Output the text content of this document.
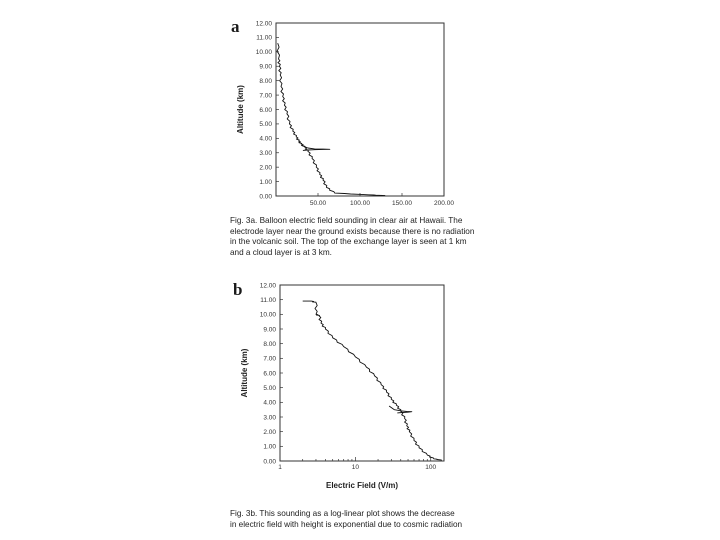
a
b
0.00
1.00
2.00
3.00
4.00
5.00
6.00
7.00
8.00
9.00
10.00
11.00
12.00
50.00	100.00	150.00	200.00
Altitude (km)
0.00
1.00
2.00
3.00
4.00
5.00
6.00
7.00
8.00
9.00
10.00
11.00
12.00
1	10	100
Altitude (km)
Electric Field (V/m)
Fig. 3a. Balloon electric field sounding in clear air at Hawaii. The
electrode layer near the ground exists because there is no radiation
in the volcanic soil. The top of the exchange layer is seen at 1 km
and a cloud layer is at 3 km.
Fig. 3b. This sounding as a log-linear plot shows the decrease
in electric field with height is exponential due to cosmic radiation
